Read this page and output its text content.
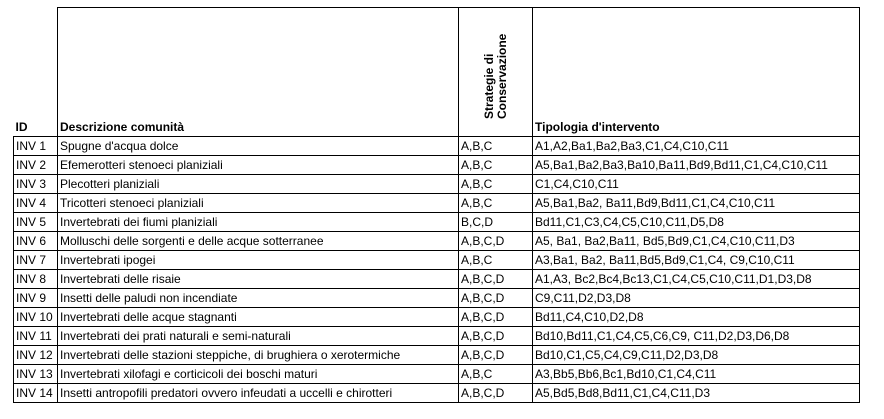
ID	Descrizione comunità	Strategie di Conservazione	Tipologia d'intervento
INV 1	Spugne d'acqua dolce	A,B,C	A1,A2,Ba1,Ba2,Ba3,C1,C4,C10,C11
INV 2	Efemerotteri stenoeci planiziali	A,B,C	A5,Ba1,Ba2,Ba3,Ba10,Ba11,Bd9,Bd11,C1,C4,C10,C11
INV 3	Plecotteri planiziali	A,B,C	C1,C4,C10,C11
INV 4	Tricotteri stenoeci planiziali	A,B,C	A5,Ba1,Ba2, Ba11,Bd9,Bd11,C1,C4,C10,C11
INV 5	Invertebrati dei fiumi planiziali	B,C,D	Bd11,C1,C3,C4,C5,C10,C11,D5,D8
INV 6	Molluschi delle sorgenti e delle acque sotterranee	A,B,C,D	A5, Ba1, Ba2,Ba11, Bd5,Bd9,C1,C4,C10,C11,D3
INV 7	Invertebrati ipogei	A,B,C	A3,Ba1, Ba2, Ba11,Bd5,Bd9,C1,C4, C9,C10,C11
INV 8	Invertebrati delle risaie	A,B,C,D	A1,A3, Bc2,Bc4,Bc13,C1,C4,C5,C10,C11,D1,D3,D8
INV 9	Insetti delle paludi non incendiate	A,B,C,D	C9,C11,D2,D3,D8
INV 10	Invertebrati delle acque stagnanti	A,B,C,D	Bd11,C4,C10,D2,D8
INV 11	Invertebrati dei prati naturali e semi-naturali	A,B,C,D	Bd10,Bd11,C1,C4,C5,C6,C9, C11,D2,D3,D6,D8
INV 12	Invertebrati delle stazioni steppiche, di brughiera o xerotermiche	A,B,C,D	Bd10,C1,C5,C4,C9,C11,D2,D3,D8
INV 13	Invertebrati xilofagi e corticicoli dei boschi maturi	A,B,C	A3,Bb5,Bb6,Bc1,Bd10,C1,C4,C11
INV 14	Insetti antropofili predatori ovvero infeudati a uccelli e chirotteri	A,B,C,D	A5,Bd5,Bd8,Bd11,C1,C4,C11,D3
